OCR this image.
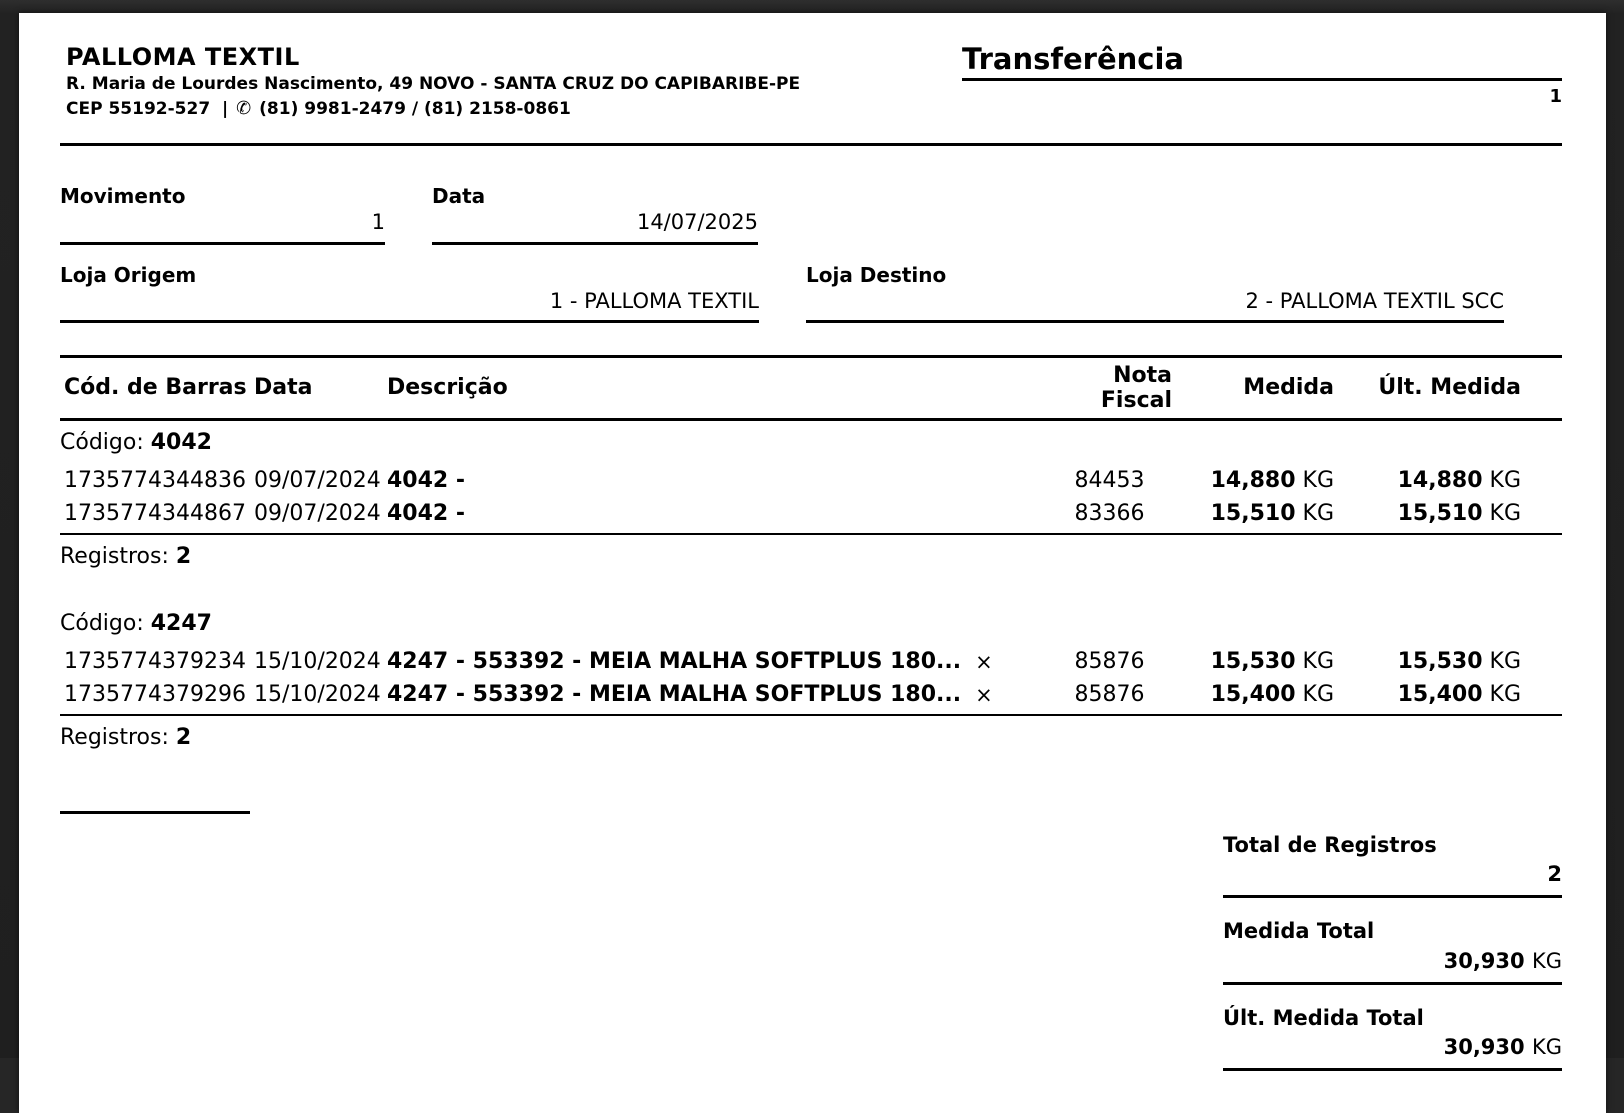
PALLOMA TEXTIL
R. Maria de Lourdes Nascimento, 49 NOVO - SANTA CRUZ DO CAPIBARIBE-PE
CEP 55192-527 | ✆ (81) 9981-2479 / (81) 2158-0861
Transferência
1
Movimento
1
Data
14/07/2025
Loja Origem
1 - PALLOMA TEXTIL
Loja Destino
2 - PALLOMA TEXTIL SCC
Cód. de Barras Data	Descrição	Nota Fiscal	Medida	Últ. Medida
Código: 4042
1735774344836 09/07/2024 4042 -	84453	14,880 KG	14,880 KG
1735774344867 09/07/2024 4042 -	83366	15,510 KG	15,510 KG
Registros: 2
Código: 4247
1735774379234 15/10/2024 4247 - 553392 - MEIA MALHA SOFTPLUS 180... ×	85876	15,530 KG	15,530 KG
1735774379296 15/10/2024 4247 - 553392 - MEIA MALHA SOFTPLUS 180... ×	85876	15,400 KG	15,400 KG
Registros: 2
Total de Registros
2
Medida Total
30,930 KG
Últ. Medida Total
30,930 KG
